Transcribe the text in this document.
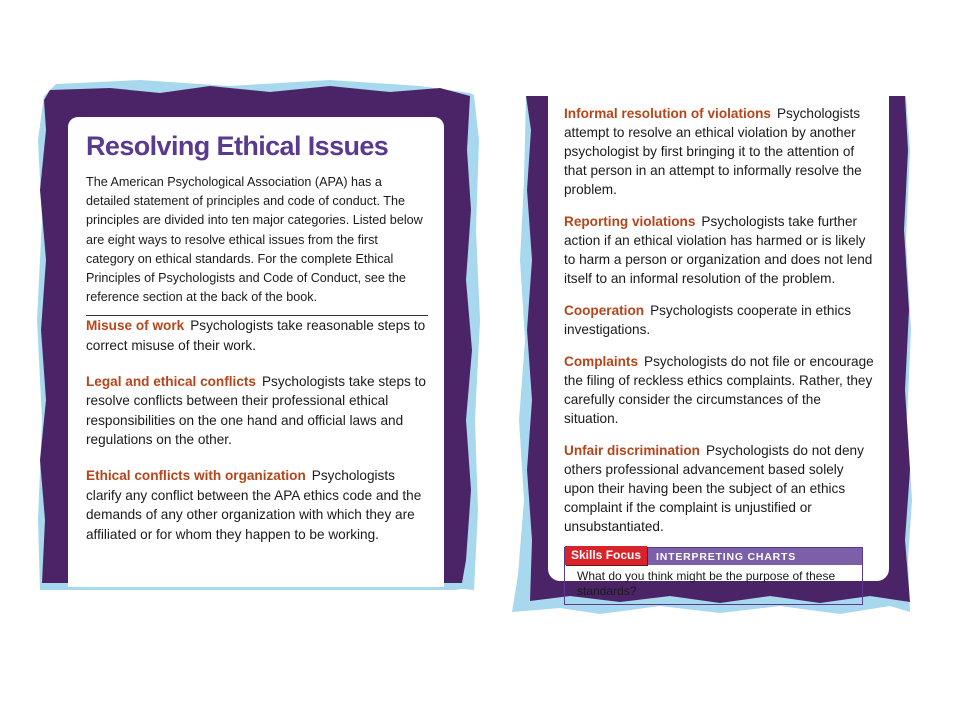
Resolving Ethical Issues

The American Psychological Association (APA) has a detailed statement of principles and code of conduct. The principles are divided into ten major categories. Listed below are eight ways to resolve ethical issues from the first category on ethical standards. For the complete Ethical Principles of Psychologists and Code of Conduct, see the reference section at the back of the book.

Misuse of work Psychologists take reasonable steps to correct misuse of their work.

Legal and ethical conflicts Psychologists take steps to resolve conflicts between their professional ethical responsibilities on the one hand and official laws and regulations on the other.

Ethical conflicts with organization Psychologists clarify any conflict between the APA ethics code and the demands of any other organization with which they are affiliated or for whom they happen to be working.

Informal resolution of violations Psychologists attempt to resolve an ethical violation by another psychologist by first bringing it to the attention of that person in an attempt to informally resolve the problem.

Reporting violations Psychologists take further action if an ethical violation has harmed or is likely to harm a person or organization and does not lend itself to an informal resolution of the problem.

Cooperation Psychologists cooperate in ethics investigations.

Complaints Psychologists do not file or encourage the filing of reckless ethics complaints. Rather, they carefully consider the circumstances of the situation.

Unfair discrimination Psychologists do not deny others professional advancement based solely upon their having been the subject of an ethics complaint if the complaint is unjustified or unsubstantiated.

Skills Focus	INTERPRETING CHARTS

What do you think might be the purpose of these standards?
